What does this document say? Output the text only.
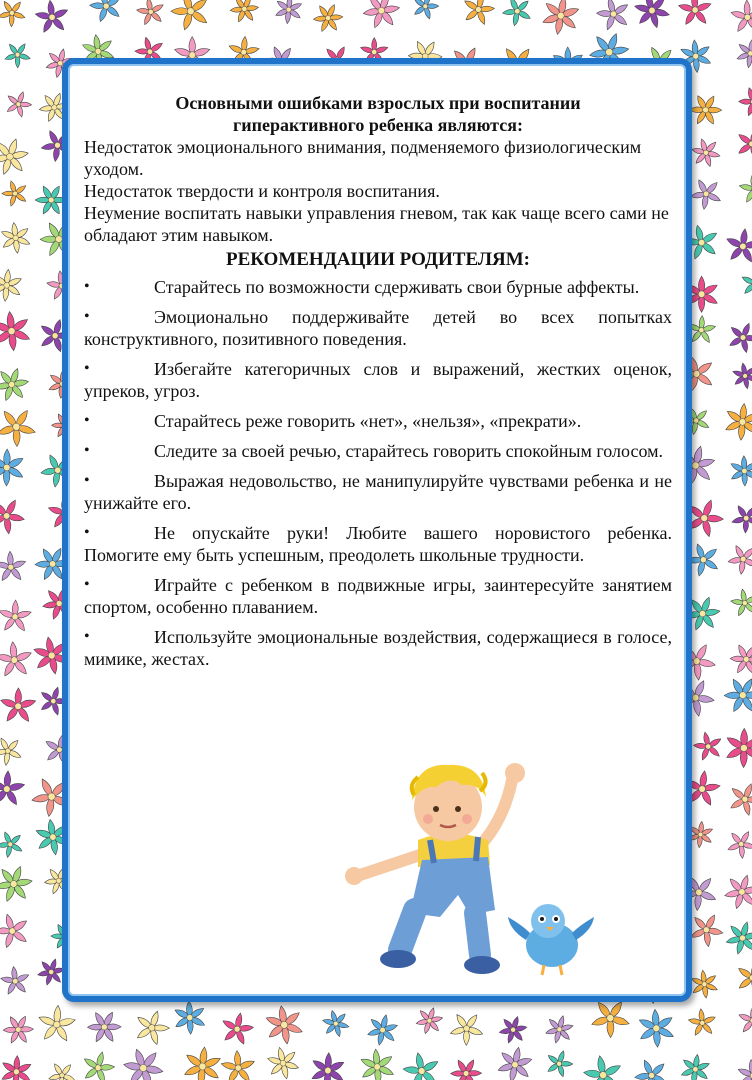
Основными ошибками взрослых при воспитании гиперактивного ребенка являются:

Недостаток эмоционального внимания, подменяемого физиологическим уходом.

Недостаток твердости и контроля воспитания.

Неумение воспитать навыки управления гневом, так как чаще всего сами не обладают этим навыком.

РЕКОМЕНДАЦИИ РОДИТЕЛЯМ:

•	Старайтесь по возможности сдерживать свои бурные аффекты.

•	Эмоционально поддерживайте детей во всех попытках конструктивного, позитивного поведения.

•	Избегайте категоричных слов и выражений, жестких оценок, упреков, угроз.

•	Старайтесь реже говорить «нет», «нельзя», «прекрати».

•	Следите за своей речью, старайтесь говорить спокойным голосом.

•	Выражая недовольство, не манипулируйте чувствами ребенка и не унижайте его.

•	Не опускайте руки! Любите вашего норовистого ребенка. Помогите ему быть успешным, преодолеть школьные трудности.

•	Играйте с ребенком в подвижные игры, заинтересуйте занятием спортом, особенно плаванием.

•	Используйте эмоциональные воздействия, содержащиеся в голосе, мимике, жестах.
